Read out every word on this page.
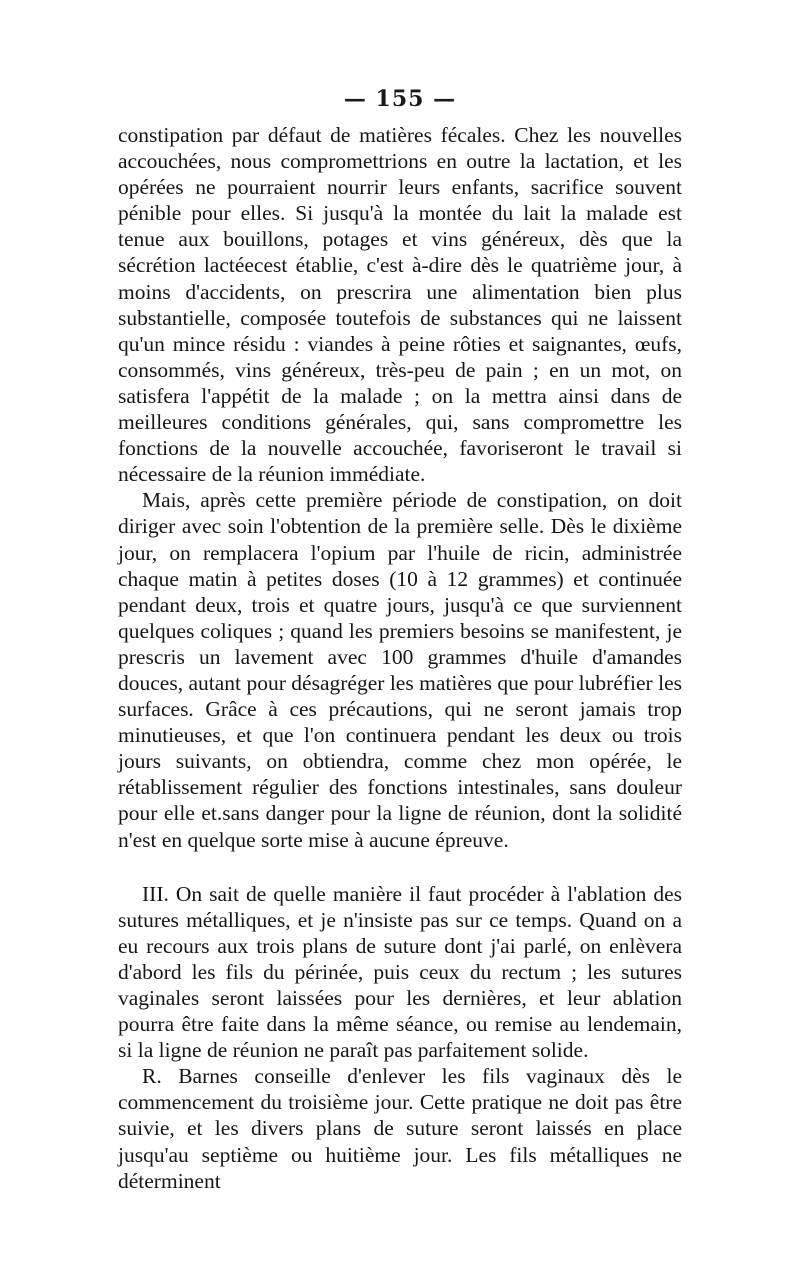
— 155 —

constipation par défaut de matières fécales. Chez les nouvelles accouchées, nous compromettrions en outre la lactation, et les opérées ne pourraient nourrir leurs enfants, sacrifice souvent pénible pour elles. Si jusqu'à la montée du lait la malade est tenue aux bouillons, potages et vins généreux, dès que la sécrétion lactéecest établie, c'est à-dire dès le quatrième jour, à moins d'accidents, on prescrira une alimentation bien plus substantielle, composée toutefois de substances qui ne laissent qu'un mince résidu : viandes à peine rôties et saignantes, œufs, consommés, vins généreux, très-peu de pain ; en un mot, on satisfera l'appétit de la malade ; on la mettra ainsi dans de meilleures conditions générales, qui, sans compromettre les fonctions de la nouvelle accouchée, favoriseront le travail si nécessaire de la réunion immédiate.

Mais, après cette première période de constipation, on doit diriger avec soin l'obtention de la première selle. Dès le dixième jour, on remplacera l'opium par l'huile de ricin, administrée chaque matin à petites doses (10 à 12 grammes) et continuée pendant deux, trois et quatre jours, jusqu'à ce que surviennent quelques coliques ; quand les premiers besoins se manifestent, je prescris un lavement avec 100 grammes d'huile d'amandes douces, autant pour désagréger les matières que pour lubréfier les surfaces. Grâce à ces précautions, qui ne seront jamais trop minutieuses, et que l'on continuera pendant les deux ou trois jours suivants, on obtiendra, comme chez mon opérée, le rétablissement régulier des fonctions intestinales, sans douleur pour elle et.sans danger pour la ligne de réunion, dont la solidité n'est en quelque sorte mise à aucune épreuve.

III. On sait de quelle manière il faut procéder à l'ablation des sutures métalliques, et je n'insiste pas sur ce temps. Quand on a eu recours aux trois plans de suture dont j'ai parlé, on enlèvera d'abord les fils du périnée, puis ceux du rectum ; les sutures vaginales seront laissées pour les dernières, et leur ablation pourra être faite dans la même séance, ou remise au lendemain, si la ligne de réunion ne paraît pas parfaitement solide.

R. Barnes conseille d'enlever les fils vaginaux dès le commencement du troisième jour. Cette pratique ne doit pas être suivie, et les divers plans de suture seront laissés en place jusqu'au septième ou huitième jour. Les fils métalliques ne déterminent
